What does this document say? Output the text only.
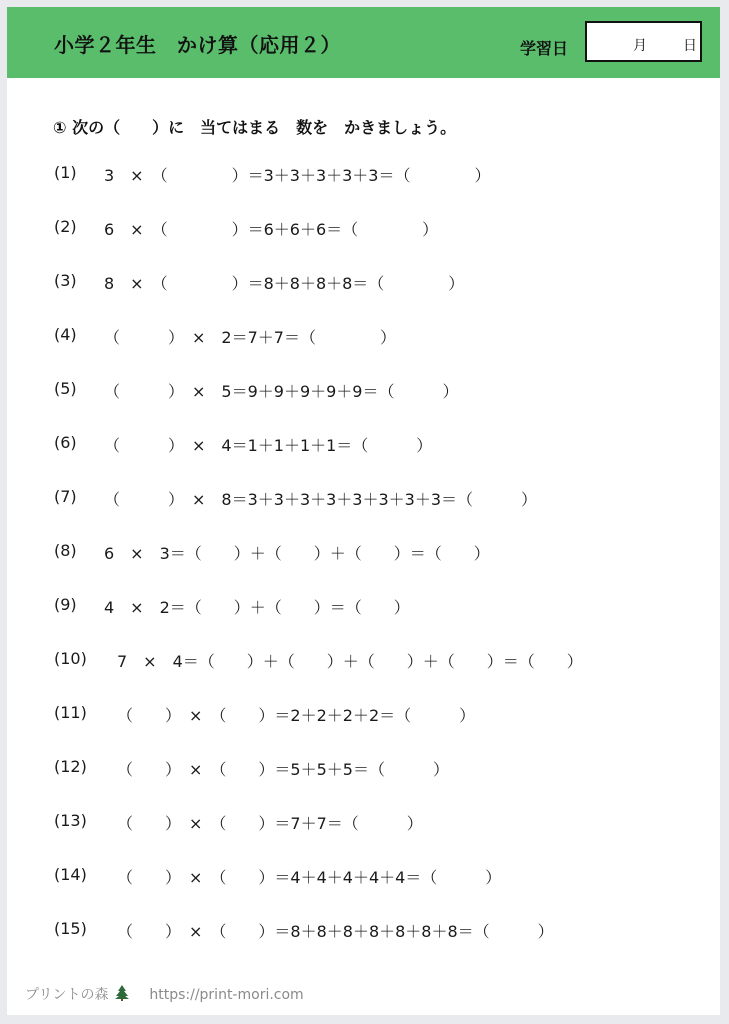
小学２年生　かけ算（応用２）	学習日	月	日
① 次の（　　）に　当てはまる　数を　かきましょう。
(1) 3　×　（　　　　）＝3＋3＋3＋3＋3＝（　　　　）
(2) 6　×　（　　　　）＝6＋6＋6＝（　　　　）
(3) 8　×　（　　　　）＝8＋8＋8＋8＝（　　　　）
(4) （　　　）　×　2＝7＋7＝（　　　　）
(5) （　　　）　×　5＝9＋9＋9＋9＋9＝（　　　）
(6) （　　　）　×　4＝1＋1＋1＋1＝（　　　）
(7) （　　　）　×　8＝3＋3＋3＋3＋3＋3＋3＋3＝（　　　）
(8) 6　×　3＝（　　）＋（　　）＋（　　）＝（　　）
(9) 4　×　2＝（　　）＋（　　）＝（　　）
(10) 7　×　4＝（　　）＋（　　）＋（　　）＋（　　）＝（　　）
(11) （　　）　×　（　　）＝2＋2＋2＋2＝（　　　）
(12) （　　）　×　（　　）＝5＋5＋5＝（　　　）
(13) （　　）　×　（　　）＝7＋7＝（　　　）
(14) （　　）　×　（　　）＝4＋4＋4＋4＋4＝（　　　）
(15) （　　）　×　（　　）＝8＋8＋8＋8＋8＋8＋8＝（　　　）
プリントの森	https://print-mori.com
